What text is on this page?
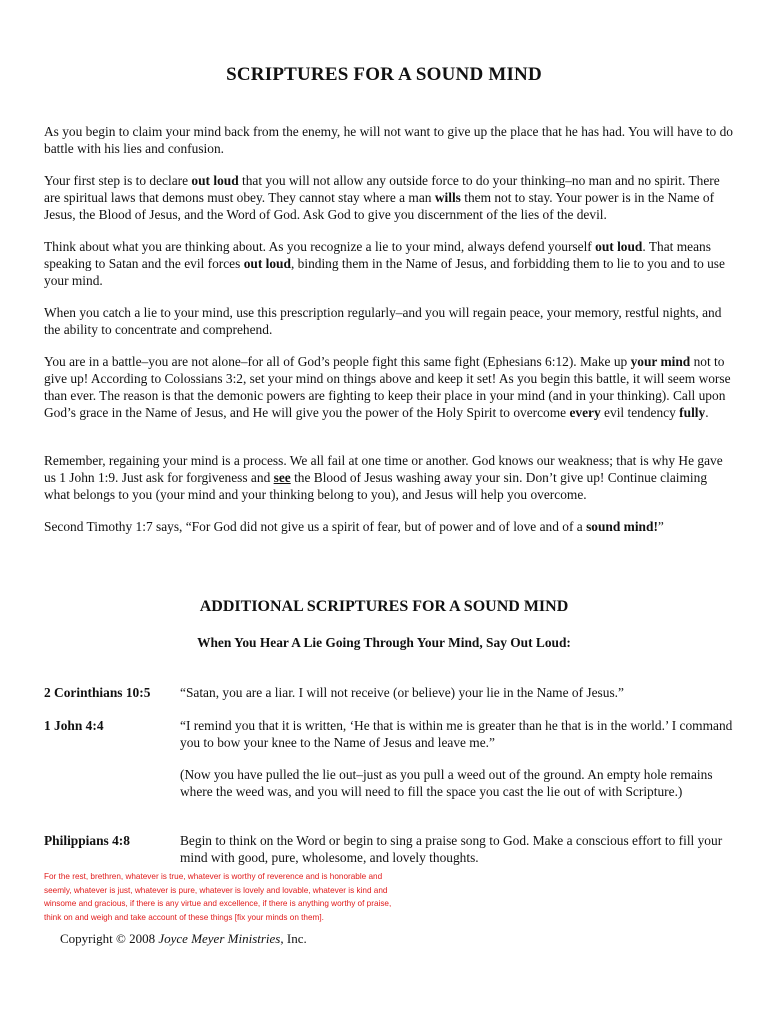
SCRIPTURES FOR A SOUND MIND

As you begin to claim your mind back from the enemy, he will not want to give up the place that he has had. You will have to do battle with his lies and confusion.

Your first step is to declare out loud that you will not allow any outside force to do your thinking–no man and no spirit. There are spiritual laws that demons must obey. They cannot stay where a man wills them not to stay. Your power is in the Name of Jesus, the Blood of Jesus, and the Word of God. Ask God to give you discernment of the lies of the devil.

Think about what you are thinking about. As you recognize a lie to your mind, always defend yourself out loud. That means speaking to Satan and the evil forces out loud, binding them in the Name of Jesus, and forbidding them to lie to you and to use your mind.

When you catch a lie to your mind, use this prescription regularly–and you will regain peace, your memory, restful nights, and the ability to concentrate and comprehend.

You are in a battle–you are not alone–for all of God’s people fight this same fight (Ephesians 6:12). Make up your mind not to give up! According to Colossians 3:2, set your mind on things above and keep it set! As you begin this battle, it will seem worse than ever. The reason is that the demonic powers are fighting to keep their place in your mind (and in your thinking). Call upon God’s grace in the Name of Jesus, and He will give you the power of the Holy Spirit to overcome every evil tendency fully.

Remember, regaining your mind is a process. We all fail at one time or another. God knows our weakness; that is why He gave us 1 John 1:9. Just ask for forgiveness and see the Blood of Jesus washing away your sin. Don’t give up! Continue claiming what belongs to you (your mind and your thinking belong to you), and Jesus will help you overcome.

Second Timothy 1:7 says, “For God did not give us a spirit of fear, but of power and of love and of a sound mind!”

ADDITIONAL SCRIPTURES FOR A SOUND MIND
When You Hear A Lie Going Through Your Mind, Say Out Loud:
2 Corinthians 10:5	“Satan, you are a liar. I will not receive (or believe) your lie in the Name of Jesus.”

1 John 4:4	“I remind you that it is written, ‘He that is within me is greater than he that is in the world.’ I command you to bow your knee to the Name of Jesus and leave me.”

(Now you have pulled the lie out–just as you pull a weed out of the ground. An empty hole remains where the weed was, and you will need to fill the space you cast the lie out of with Scripture.)

Philippians 4:8	Begin to think on the Word or begin to sing a praise song to God. Make a conscious effort to fill your mind with good, pure, wholesome, and lovely thoughts.

For the rest, brethren, whatever is true, whatever is worthy of reverence and is honorable and seemly, whatever is just, whatever is pure, whatever is lovely and lovable, whatever is kind and winsome and gracious, if there is any virtue and excellence, if there is anything worthy of praise, think on and weigh and take account of these things [fix your minds on them].
Copyright © 2008 Joyce Meyer Ministries, Inc.
